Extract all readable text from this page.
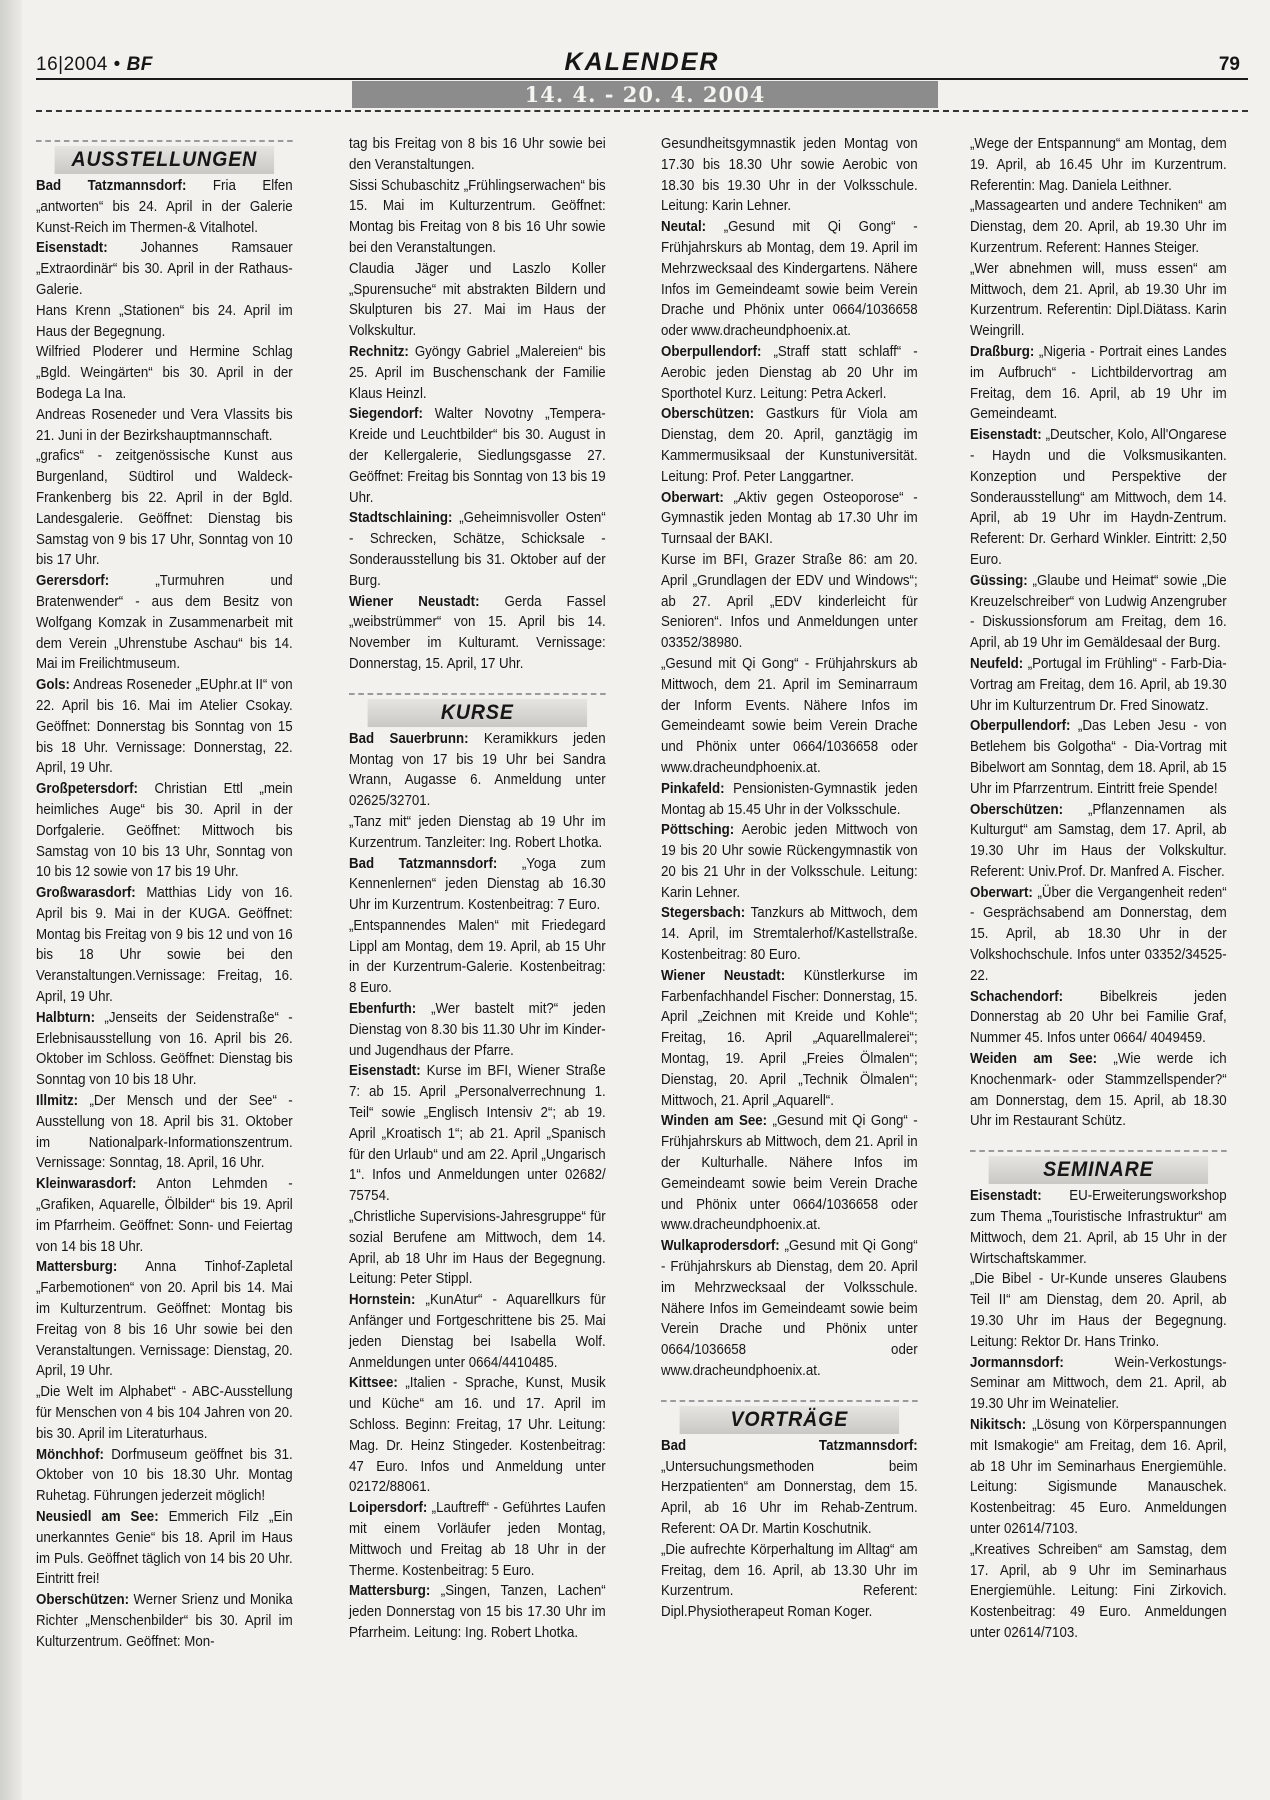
16|2004 • BF	KALENDER	79
14. 4. - 20. 4. 2004
AUSSTELLUNGEN

Bad Tatzmannsdorf: Fria Elfen „antworten“ bis 24. April in der Galerie Kunst-Reich im Thermen-& Vitalhotel.

Eisenstadt: Johannes Ramsauer „Extraordinär“ bis 30. April in der Rathaus-Galerie.

Hans Krenn „Stationen“ bis 24. April im Haus der Begegnung.

Wilfried Ploderer und Hermine Schlag „Bgld. Weingärten“ bis 30. April in der Bodega La Ina.

Andreas Roseneder und Vera Vlassits bis 21. Juni in der Bezirkshauptmannschaft.

„grafics“ - zeitgenössische Kunst aus Burgenland, Südtirol und Waldeck-Frankenberg bis 22. April in der Bgld. Landesgalerie. Geöffnet: Dienstag bis Samstag von 9 bis 17 Uhr, Sonntag von 10 bis 17 Uhr.

Gerersdorf: „Turmuhren und Bratenwender“ - aus dem Besitz von Wolfgang Komzak in Zusammenarbeit mit dem Verein „Uhrenstube Aschau“ bis 14. Mai im Freilichtmuseum.

Gols: Andreas Roseneder „EUphr.at II“ von 22. April bis 16. Mai im Atelier Csokay. Geöffnet: Donnerstag bis Sonntag von 15 bis 18 Uhr. Vernissage: Donnerstag, 22. April, 19 Uhr.

Großpetersdorf: Christian Ettl „mein heimliches Auge“ bis 30. April in der Dorfgalerie. Geöffnet: Mittwoch bis Samstag von 10 bis 13 Uhr, Sonntag von 10 bis 12 sowie von 17 bis 19 Uhr.

Großwarasdorf: Matthias Lidy von 16. April bis 9. Mai in der KUGA. Geöffnet: Montag bis Freitag von 9 bis 12 und von 16 bis 18 Uhr sowie bei den Veranstaltungen.Vernissage: Freitag, 16. April, 19 Uhr.

Halbturn: „Jenseits der Seidenstraße“ - Erlebnisausstellung von 16. April bis 26. Oktober im Schloss. Geöffnet: Dienstag bis Sonntag von 10 bis 18 Uhr.

Illmitz: „Der Mensch und der See“ - Ausstellung von 18. April bis 31. Oktober im Nationalpark-Informationszentrum. Vernissage: Sonntag, 18. April, 16 Uhr.

Kleinwarasdorf: Anton Lehmden - „Grafiken, Aquarelle, Ölbilder“ bis 19. April im Pfarrheim. Geöffnet: Sonn- und Feiertag von 14 bis 18 Uhr.

Mattersburg: Anna Tinhof-Zapletal „Farbemotionen“ von 20. April bis 14. Mai im Kulturzentrum. Geöffnet: Montag bis Freitag von 8 bis 16 Uhr sowie bei den Veranstaltungen. Vernissage: Dienstag, 20. April, 19 Uhr.

„Die Welt im Alphabet“ - ABC-Ausstellung für Menschen von 4 bis 104 Jahren von 20. bis 30. April im Literaturhaus.

Mönchhof: Dorfmuseum geöffnet bis 31. Oktober von 10 bis 18.30 Uhr. Montag Ruhetag. Führungen jederzeit möglich!

Neusiedl am See: Emmerich Filz „Ein unerkanntes Genie“ bis 18. April im Haus im Puls. Geöffnet täglich von 14 bis 20 Uhr. Eintritt frei!

Oberschützen: Werner Srienz und Monika Richter „Menschenbilder“ bis 30. April im Kulturzentrum. Geöffnet: Mon-

tag bis Freitag von 8 bis 16 Uhr sowie bei den Veranstaltungen.

Sissi Schubaschitz „Frühlingserwachen“ bis 15. Mai im Kulturzentrum. Geöffnet: Montag bis Freitag von 8 bis 16 Uhr sowie bei den Veranstaltungen.

Claudia Jäger und Laszlo Koller „Spurensuche“ mit abstrakten Bildern und Skulpturen bis 27. Mai im Haus der Volkskultur.

Rechnitz: Gyöngy Gabriel „Malereien“ bis 25. April im Buschenschank der Familie Klaus Heinzl.

Siegendorf: Walter Novotny „Tempera-Kreide und Leuchtbilder“ bis 30. August in der Kellergalerie, Siedlungsgasse 27. Geöffnet: Freitag bis Sonntag von 13 bis 19 Uhr.

Stadtschlaining: „Geheimnisvoller Osten“ - Schrecken, Schätze, Schicksale - Sonderausstellung bis 31. Oktober auf der Burg.

Wiener Neustadt: Gerda Fassel „weibstrümmer“ von 15. April bis 14. November im Kulturamt. Vernissage: Donnerstag, 15. April, 17 Uhr.

KURSE

Bad Sauerbrunn: Keramikkurs jeden Montag von 17 bis 19 Uhr bei Sandra Wrann, Augasse 6. Anmeldung unter 02625/32701.

„Tanz mit“ jeden Dienstag ab 19 Uhr im Kurzentrum. Tanzleiter: Ing. Robert Lhotka.

Bad Tatzmannsdorf: „Yoga zum Kennenlernen“ jeden Dienstag ab 16.30 Uhr im Kurzentrum. Kostenbeitrag: 7 Euro.

„Entspannendes Malen“ mit Friedegard Lippl am Montag, dem 19. April, ab 15 Uhr in der Kurzentrum-Galerie. Kostenbeitrag: 8 Euro.

Ebenfurth: „Wer bastelt mit?“ jeden Dienstag von 8.30 bis 11.30 Uhr im Kinder- und Jugendhaus der Pfarre.

Eisenstadt: Kurse im BFI, Wiener Straße 7: ab 15. April „Personalverrechnung 1. Teil“ sowie „Englisch Intensiv 2“; ab 19. April „Kroatisch 1“; ab 21. April „Spanisch für den Urlaub“ und am 22. April „Ungarisch 1“. Infos und Anmeldungen unter 02682/ 75754.

„Christliche Supervisions-Jahresgruppe“ für sozial Berufene am Mittwoch, dem 14. April, ab 18 Uhr im Haus der Begegnung. Leitung: Peter Stippl.

Hornstein: „KunAtur“ - Aquarellkurs für Anfänger und Fortgeschrittene bis 25. Mai jeden Dienstag bei Isabella Wolf. Anmeldungen unter 0664/4410485.

Kittsee: „Italien - Sprache, Kunst, Musik und Küche“ am 16. und 17. April im Schloss. Beginn: Freitag, 17 Uhr. Leitung: Mag. Dr. Heinz Stingeder. Kostenbeitrag: 47 Euro. Infos und Anmeldung unter 02172/88061.

Loipersdorf: „Lauftreff“ - Geführtes Laufen mit einem Vorläufer jeden Montag, Mittwoch und Freitag ab 18 Uhr in der Therme. Kostenbeitrag: 5 Euro.

Mattersburg: „Singen, Tanzen, Lachen“ jeden Donnerstag von 15 bis 17.30 Uhr im Pfarrheim. Leitung: Ing. Robert Lhotka.

Gesundheitsgymnastik jeden Montag von 17.30 bis 18.30 Uhr sowie Aerobic von 18.30 bis 19.30 Uhr in der Volksschule. Leitung: Karin Lehner.

Neutal: „Gesund mit Qi Gong“ - Frühjahrskurs ab Montag, dem 19. April im Mehrzwecksaal des Kindergartens. Nähere Infos im Gemeindeamt sowie beim Verein Drache und Phönix unter 0664/1036658 oder www.dracheundphoenix.at.

Oberpullendorf: „Straff statt schlaff“ - Aerobic jeden Dienstag ab 20 Uhr im Sporthotel Kurz. Leitung: Petra Ackerl.

Oberschützen: Gastkurs für Viola am Dienstag, dem 20. April, ganztägig im Kammermusiksaal der Kunstuniversität. Leitung: Prof. Peter Langgartner.

Oberwart: „Aktiv gegen Osteoporose“ - Gymnastik jeden Montag ab 17.30 Uhr im Turnsaal der BAKI.

Kurse im BFI, Grazer Straße 86: am 20. April „Grundlagen der EDV und Windows“; ab 27. April „EDV kinderleicht für Senioren“. Infos und Anmeldungen unter 03352/38980.

„Gesund mit Qi Gong“ - Frühjahrskurs ab Mittwoch, dem 21. April im Seminarraum der Inform Events. Nähere Infos im Gemeindeamt sowie beim Verein Drache und Phönix unter 0664/1036658 oder www.dracheundphoenix.at.

Pinkafeld: Pensionisten-Gymnastik jeden Montag ab 15.45 Uhr in der Volksschule.

Pöttsching: Aerobic jeden Mittwoch von 19 bis 20 Uhr sowie Rückengymnastik von 20 bis 21 Uhr in der Volksschule. Leitung: Karin Lehner.

Stegersbach: Tanzkurs ab Mittwoch, dem 14. April, im Stremtalerhof/Kastellstraße. Kostenbeitrag: 80 Euro.

Wiener Neustadt: Künstlerkurse im Farbenfachhandel Fischer: Donnerstag, 15. April „Zeichnen mit Kreide und Kohle“; Freitag, 16. April „Aquarellmalerei“; Montag, 19. April „Freies Ölmalen“; Dienstag, 20. April „Technik Ölmalen“; Mittwoch, 21. April „Aquarell“.

Winden am See: „Gesund mit Qi Gong“ - Frühjahrskurs ab Mittwoch, dem 21. April in der Kulturhalle. Nähere Infos im Gemeindeamt sowie beim Verein Drache und Phönix unter 0664/1036658 oder www.dracheundphoenix.at.

Wulkaprodersdorf: „Gesund mit Qi Gong“ - Frühjahrskurs ab Dienstag, dem 20. April im Mehrzwecksaal der Volksschule. Nähere Infos im Gemeindeamt sowie beim Verein Drache und Phönix unter 0664/1036658 oder www.dracheundphoenix.at.

VORTRÄGE

Bad Tatzmannsdorf: „Untersuchungsmethoden beim Herzpatienten“ am Donnerstag, dem 15. April, ab 16 Uhr im Rehab-Zentrum. Referent: OA Dr. Martin Koschutnik.

„Die aufrechte Körperhaltung im Alltag“ am Freitag, dem 16. April, ab 13.30 Uhr im Kurzentrum. Referent: Dipl.Physiotherapeut Roman Koger.

„Wege der Entspannung“ am Montag, dem 19. April, ab 16.45 Uhr im Kurzentrum. Referentin: Mag. Daniela Leithner.

„Massagearten und andere Techniken“ am Dienstag, dem 20. April, ab 19.30 Uhr im Kurzentrum. Referent: Hannes Steiger.

„Wer abnehmen will, muss essen“ am Mittwoch, dem 21. April, ab 19.30 Uhr im Kurzentrum. Referentin: Dipl.Diätass. Karin Weingrill.

Draßburg: „Nigeria - Portrait eines Landes im Aufbruch“ - Lichtbildervortrag am Freitag, dem 16. April, ab 19 Uhr im Gemeindeamt.

Eisenstadt: „Deutscher, Kolo, All'Ongarese - Haydn und die Volksmusikanten. Konzeption und Perspektive der Sonderausstellung“ am Mittwoch, dem 14. April, ab 19 Uhr im Haydn-Zentrum. Referent: Dr. Gerhard Winkler. Eintritt: 2,50 Euro.

Güssing: „Glaube und Heimat“ sowie „Die Kreuzelschreiber“ von Ludwig Anzengruber - Diskussionsforum am Freitag, dem 16. April, ab 19 Uhr im Gemäldesaal der Burg.

Neufeld: „Portugal im Frühling“ - Farb-Dia-Vortrag am Freitag, dem 16. April, ab 19.30 Uhr im Kulturzentrum Dr. Fred Sinowatz.

Oberpullendorf: „Das Leben Jesu - von Betlehem bis Golgotha“ - Dia-Vortrag mit Bibelwort am Sonntag, dem 18. April, ab 15 Uhr im Pfarrzentrum. Eintritt freie Spende!

Oberschützen: „Pflanzennamen als Kulturgut“ am Samstag, dem 17. April, ab 19.30 Uhr im Haus der Volkskultur. Referent: Univ.Prof. Dr. Manfred A. Fischer.

Oberwart: „Über die Vergangenheit reden“ - Gesprächsabend am Donnerstag, dem 15. April, ab 18.30 Uhr in der Volkshochschule. Infos unter 03352/34525-22.

Schachendorf: Bibelkreis jeden Donnerstag ab 20 Uhr bei Familie Graf, Nummer 45. Infos unter 0664/ 4049459.

Weiden am See: „Wie werde ich Knochenmark- oder Stammzellspender?“ am Donnerstag, dem 15. April, ab 18.30 Uhr im Restaurant Schütz.

SEMINARE

Eisenstadt: EU-Erweiterungsworkshop zum Thema „Touristische Infrastruktur“ am Mittwoch, dem 21. April, ab 15 Uhr in der Wirtschaftskammer.

„Die Bibel - Ur-Kunde unseres Glaubens Teil II“ am Dienstag, dem 20. April, ab 19.30 Uhr im Haus der Begegnung. Leitung: Rektor Dr. Hans Trinko.

Jormannsdorf: Wein-Verkostungs-Seminar am Mittwoch, dem 21. April, ab 19.30 Uhr im Weinatelier.

Nikitsch: „Lösung von Körperspannungen mit Ismakogie“ am Freitag, dem 16. April, ab 18 Uhr im Seminarhaus Energiemühle. Leitung: Sigismunde Manauschek. Kostenbeitrag: 45 Euro. Anmeldungen unter 02614/7103.

„Kreatives Schreiben“ am Samstag, dem 17. April, ab 9 Uhr im Seminarhaus Energiemühle. Leitung: Fini Zirkovich. Kostenbeitrag: 49 Euro. Anmeldungen unter 02614/7103.
